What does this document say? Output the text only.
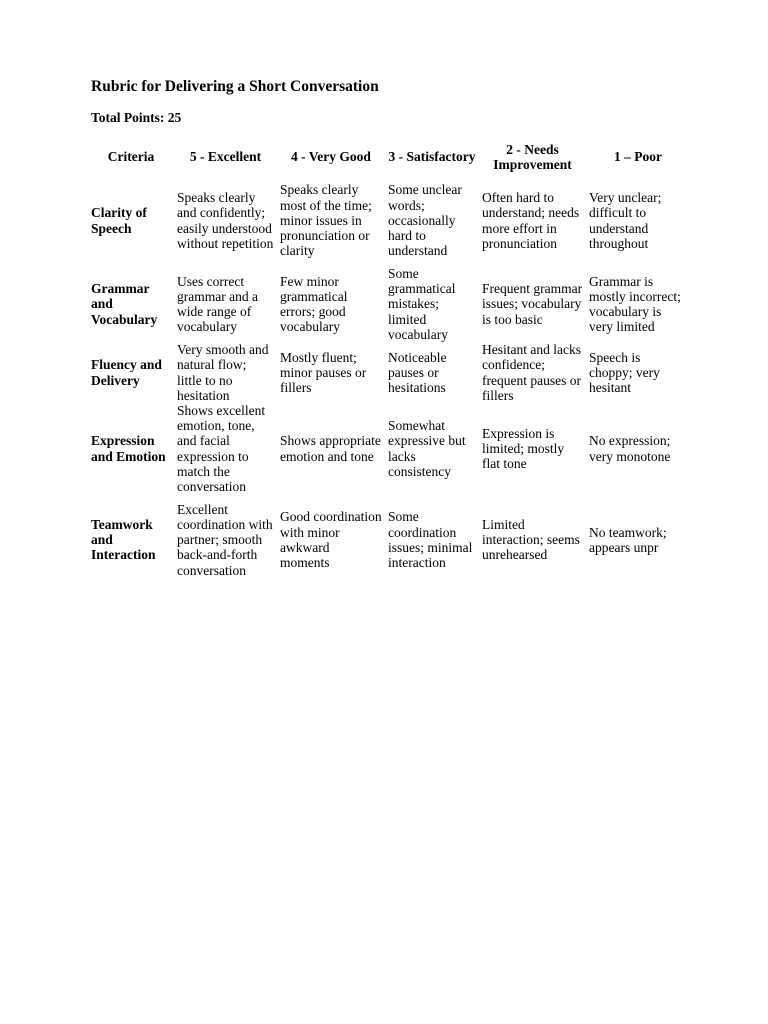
Rubric for Delivering a Short Conversation

Total Points: 25

Criteria	5 - Excellent	4 - Very Good	3 - Satisfactory	2 - Needs Improvement	1 – Poor
Clarity of Speech	Speaks clearly and confidently; easily understood without repetition	Speaks clearly most of the time; minor issues in pronunciation or clarity	Some unclear words; occasionally hard to understand	Often hard to understand; needs more effort in pronunciation	Very unclear; difficult to understand throughout
Grammar and Vocabulary	Uses correct grammar and a wide range of vocabulary	Few minor grammatical errors; good vocabulary	Some grammatical mistakes; limited vocabulary	Frequent grammar issues; vocabulary is too basic	Grammar is mostly incorrect; vocabulary is very limited
Fluency and Delivery	Very smooth and natural flow; little to no hesitation	Mostly fluent; minor pauses or fillers	Noticeable pauses or hesitations	Hesitant and lacks confidence; frequent pauses or fillers	Speech is choppy; very hesitant
Expression and Emotion	Shows excellent emotion, tone, and facial expression to match the conversation	Shows appropriate emotion and tone	Somewhat expressive but lacks consistency	Expression is limited; mostly flat tone	No expression; very monotone
Teamwork and Interaction	Excellent coordination with partner; smooth back-and-forth conversation	Good coordination with minor awkward moments	Some coordination issues; minimal interaction	Limited interaction; seems unrehearsed	No teamwork; appears unpr
